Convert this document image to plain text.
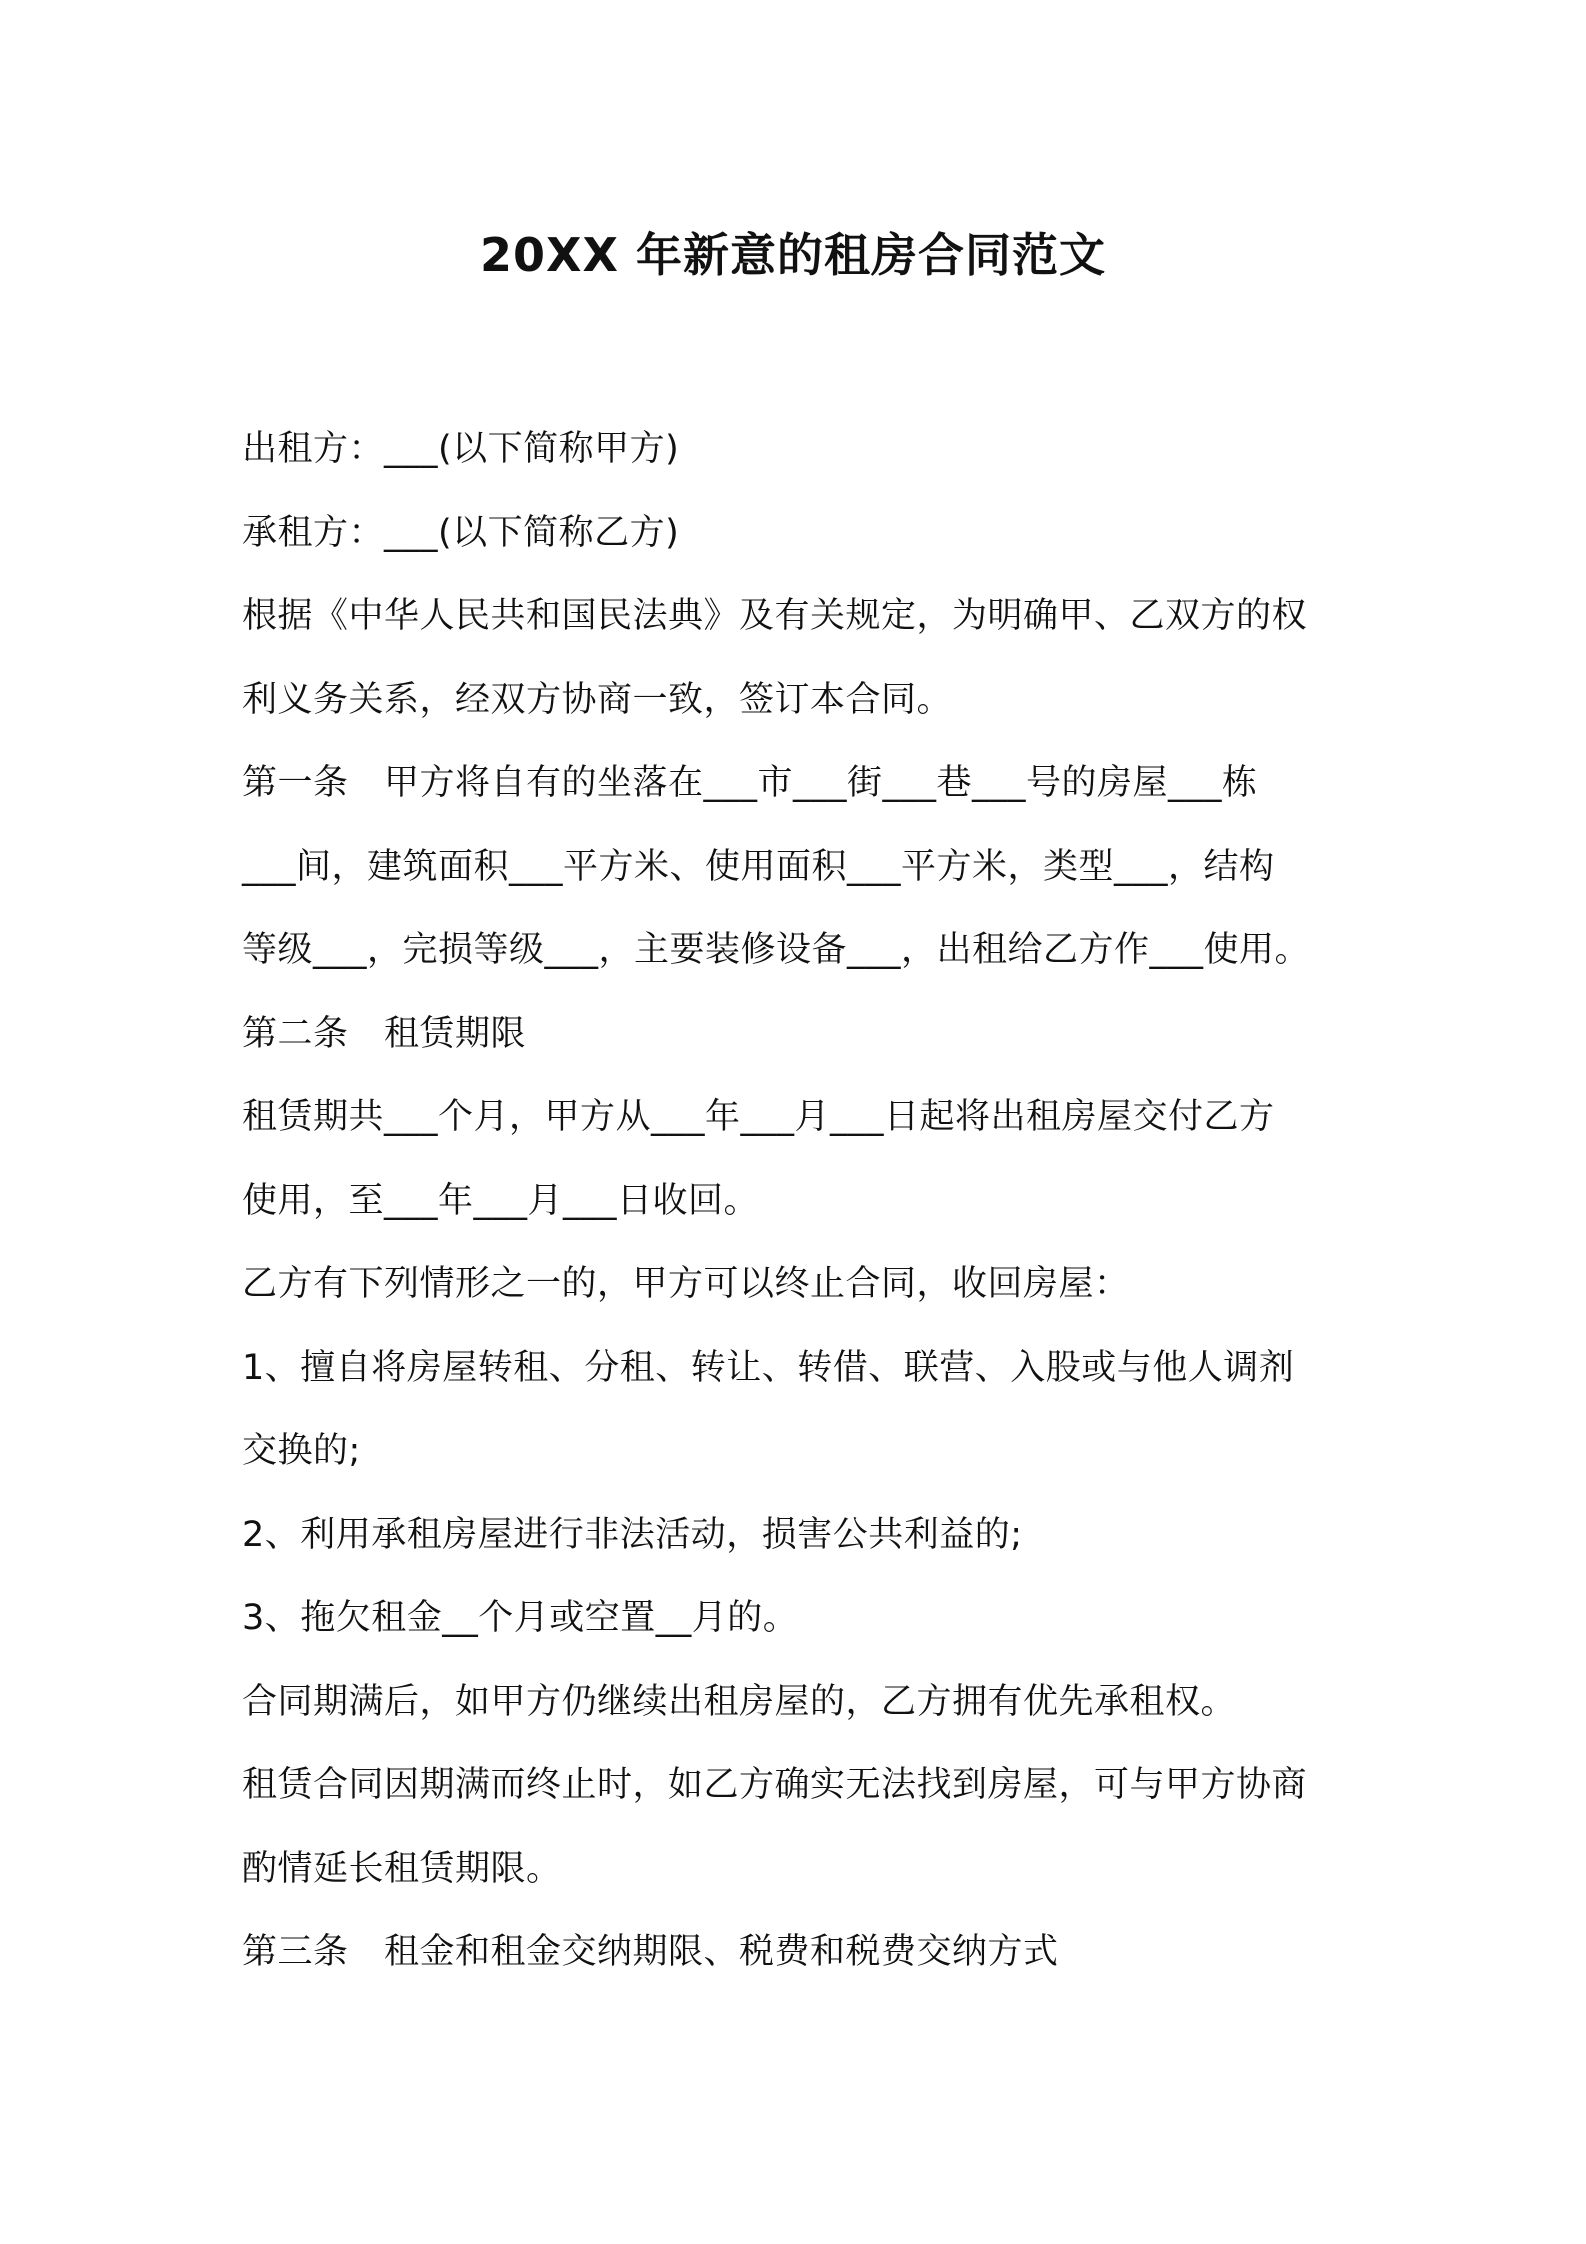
20XX 年新意的租房合同范文
出租方：___(以下简称甲方)
承租方：___(以下简称乙方)
根据《中华人民共和国民法典》及有关规定，为明确甲、乙双方的权
利义务关系，经双方协商一致，签订本合同。
第一条　甲方将自有的坐落在___市___街___巷___号的房屋___栋
___间，建筑面积___平方米、使用面积___平方米，类型___，结构
等级___，完损等级___，主要装修设备___，出租给乙方作___使用。
第二条　租赁期限
租赁期共___个月，甲方从___年___月___日起将出租房屋交付乙方
使用，至___年___月___日收回。
乙方有下列情形之一的，甲方可以终止合同，收回房屋：
1、擅自将房屋转租、分租、转让、转借、联营、入股或与他人调剂
交换的;
2、利用承租房屋进行非法活动，损害公共利益的;
3、拖欠租金__个月或空置__月的。
合同期满后，如甲方仍继续出租房屋的，乙方拥有优先承租权。
租赁合同因期满而终止时，如乙方确实无法找到房屋，可与甲方协商
酌情延长租赁期限。
第三条　租金和租金交纳期限、税费和税费交纳方式
